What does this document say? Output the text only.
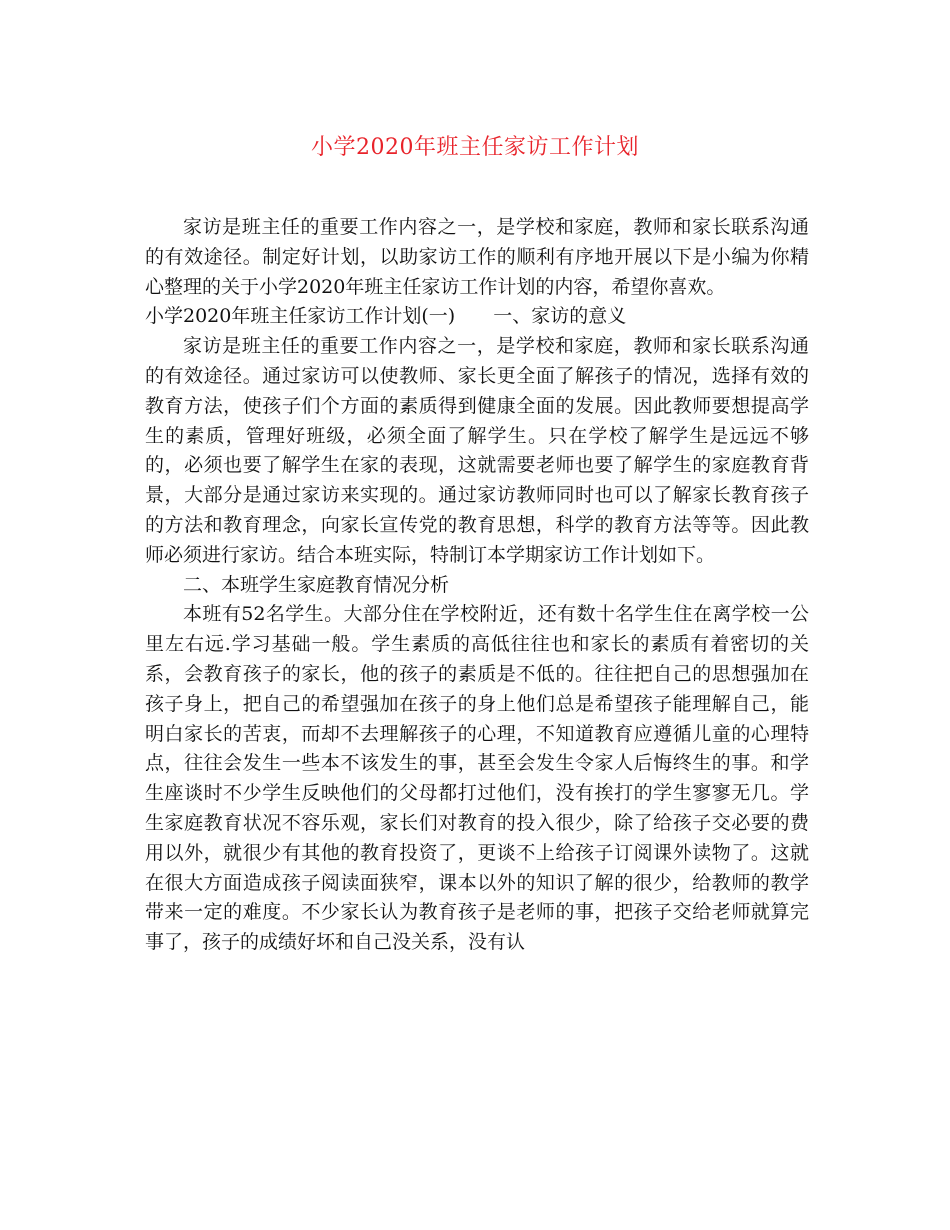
小学2020年班主任家访工作计划

家访是班主任的重要工作内容之一，是学校和家庭，教师和家长联系沟通的有效途径。制定好计划，以助家访工作的顺利有序地开展以下是小编为你精心整理的关于小学2020年班主任家访工作计划的内容，希望你喜欢。

小学2020年班主任家访工作计划(一) 一、家访的意义

家访是班主任的重要工作内容之一，是学校和家庭，教师和家长联系沟通的有效途径。通过家访可以使教师、家长更全面了解孩子的情况，选择有效的教育方法，使孩子们个方面的素质得到健康全面的发展。因此教师要想提高学生的素质，管理好班级，必须全面了解学生。只在学校了解学生是远远不够的，必须也要了解学生在家的表现，这就需要老师也要了解学生的家庭教育背景，大部分是通过家访来实现的。通过家访教师同时也可以了解家长教育孩子的方法和教育理念，向家长宣传党的教育思想，科学的教育方法等等。因此教师必须进行家访。结合本班实际，特制订本学期家访工作计划如下。

二、本班学生家庭教育情况分析

本班有52名学生。大部分住在学校附近，还有数十名学生住在离学校一公里左右远.学习基础一般。学生素质的高低往往也和家长的素质有着密切的关系，会教育孩子的家长，他的孩子的素质是不低的。往往把自己的思想强加在孩子身上，把自己的希望强加在孩子的身上他们总是希望孩子能理解自己，能明白家长的苦衷，而却不去理解孩子的心理，不知道教育应遵循儿童的心理特点，往往会发生一些本不该发生的事，甚至会发生令家人后悔终生的事。和学生座谈时不少学生反映他们的父母都打过他们，没有挨打的学生寥寥无几。学生家庭教育状况不容乐观，家长们对教育的投入很少，除了给孩子交必要的费用以外，就很少有其他的教育投资了，更谈不上给孩子订阅课外读物了。这就在很大方面造成孩子阅读面狭窄，课本以外的知识了解的很少，给教师的教学带来一定的难度。不少家长认为教育孩子是老师的事，把孩子交给老师就算完事了，孩子的成绩好坏和自己没关系，没有认
